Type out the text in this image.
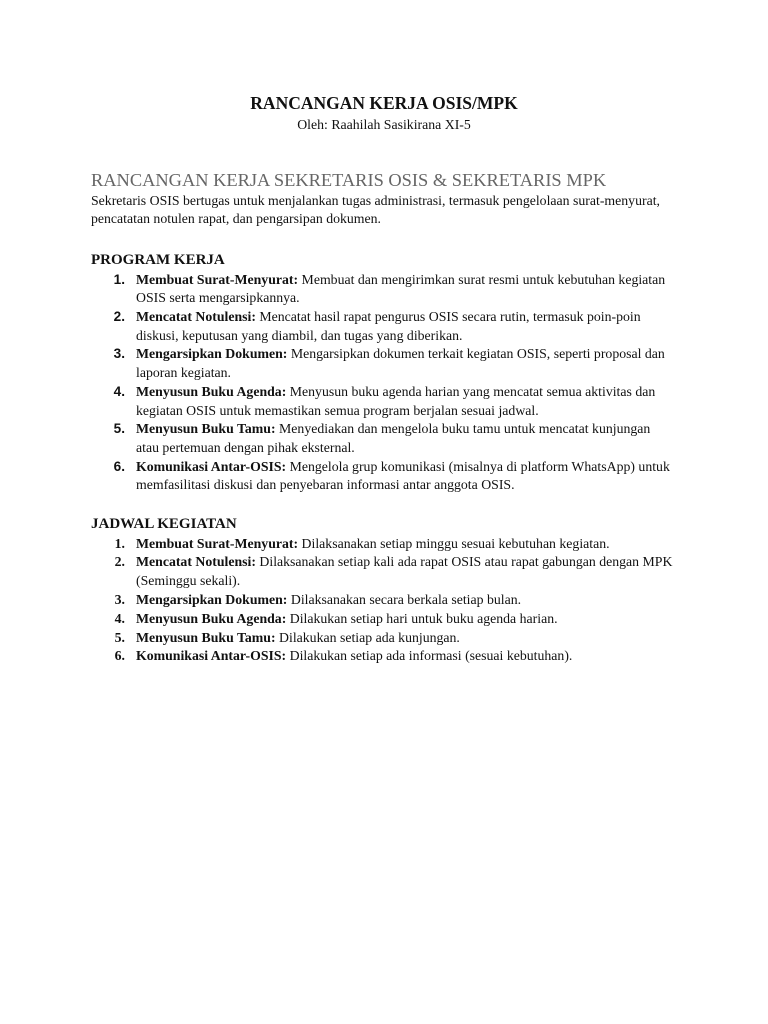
RANCANGAN KERJA OSIS/MPK
Oleh: Raahilah Sasikirana XI-5
RANCANGAN KERJA SEKRETARIS OSIS & SEKRETARIS MPK
Sekretaris OSIS bertugas untuk menjalankan tugas administrasi, termasuk pengelolaan surat-menyurat, pencatatan notulen rapat, dan pengarsipan dokumen.
PROGRAM KERJA
1. Membuat Surat-Menyurat: Membuat dan mengirimkan surat resmi untuk kebutuhan kegiatan OSIS serta mengarsipkannya.
2. Mencatat Notulensi: Mencatat hasil rapat pengurus OSIS secara rutin, termasuk poin-poin diskusi, keputusan yang diambil, dan tugas yang diberikan.
3. Mengarsipkan Dokumen: Mengarsipkan dokumen terkait kegiatan OSIS, seperti proposal dan laporan kegiatan.
4. Menyusun Buku Agenda: Menyusun buku agenda harian yang mencatat semua aktivitas dan kegiatan OSIS untuk memastikan semua program berjalan sesuai jadwal.
5. Menyusun Buku Tamu: Menyediakan dan mengelola buku tamu untuk mencatat kunjungan atau pertemuan dengan pihak eksternal.
6. Komunikasi Antar-OSIS: Mengelola grup komunikasi (misalnya di platform WhatsApp) untuk memfasilitasi diskusi dan penyebaran informasi antar anggota OSIS.
JADWAL KEGIATAN
1. Membuat Surat-Menyurat: Dilaksanakan setiap minggu sesuai kebutuhan kegiatan.
2. Mencatat Notulensi: Dilaksanakan setiap kali ada rapat OSIS atau rapat gabungan dengan MPK (Seminggu sekali).
3. Mengarsipkan Dokumen: Dilaksanakan secara berkala setiap bulan.
4. Menyusun Buku Agenda: Dilakukan setiap hari untuk buku agenda harian.
5. Menyusun Buku Tamu: Dilakukan setiap ada kunjungan.
6. Komunikasi Antar-OSIS: Dilakukan setiap ada informasi (sesuai kebutuhan).
